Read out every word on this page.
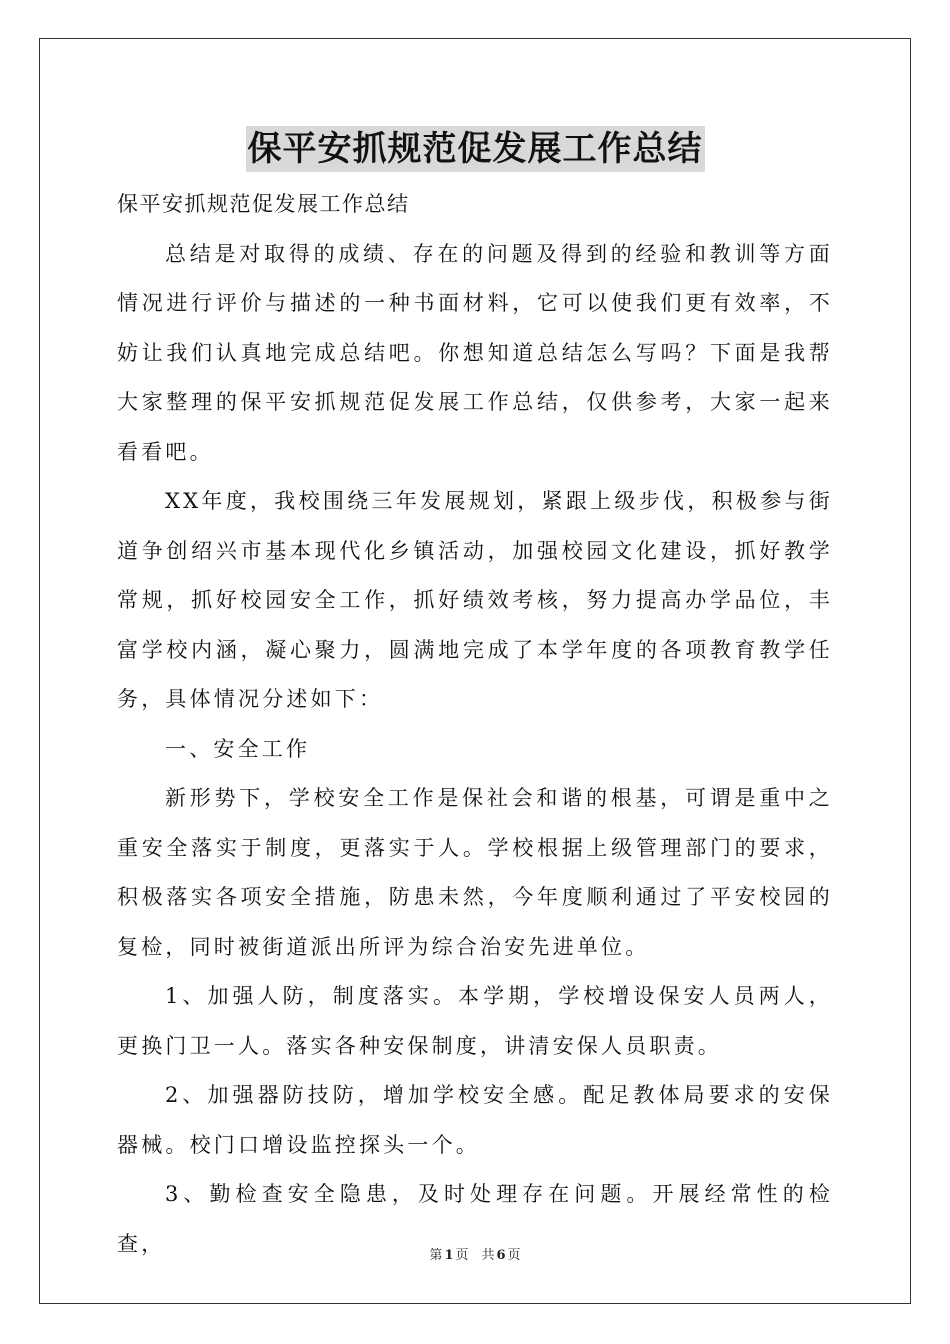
保平安抓规范促发展工作总结

保平安抓规范促发展工作总结

总结是对取得的成绩、存在的问题及得到的经验和教训等方面情况进行评价与描述的一种书面材料，它可以使我们更有效率，不妨让我们认真地完成总结吧。你想知道总结怎么写吗？下面是我帮大家整理的保平安抓规范促发展工作总结，仅供参考，大家一起来看看吧。

XX年度，我校围绕三年发展规划，紧跟上级步伐，积极参与街道争创绍兴市基本现代化乡镇活动，加强校园文化建设，抓好教学常规，抓好校园安全工作，抓好绩效考核，努力提高办学品位，丰富学校内涵，凝心聚力，圆满地完成了本学年度的各项教育教学任务，具体情况分述如下：

一、安全工作

新形势下，学校安全工作是保社会和谐的根基，可谓是重中之重安全落实于制度，更落实于人。学校根据上级管理部门的要求，积极落实各项安全措施，防患未然，今年度顺利通过了平安校园的复检，同时被街道派出所评为综合治安先进单位。

1、加强人防，制度落实。本学期，学校增设保安人员两人，更换门卫一人。落实各种安保制度，讲清安保人员职责。

2、加强器防技防，增加学校安全感。配足教体局要求的安保器械。校门口增设监控探头一个。

3、勤检查安全隐患，及时处理存在问题。开展经常性的检查，	第 1 页　共 6 页
